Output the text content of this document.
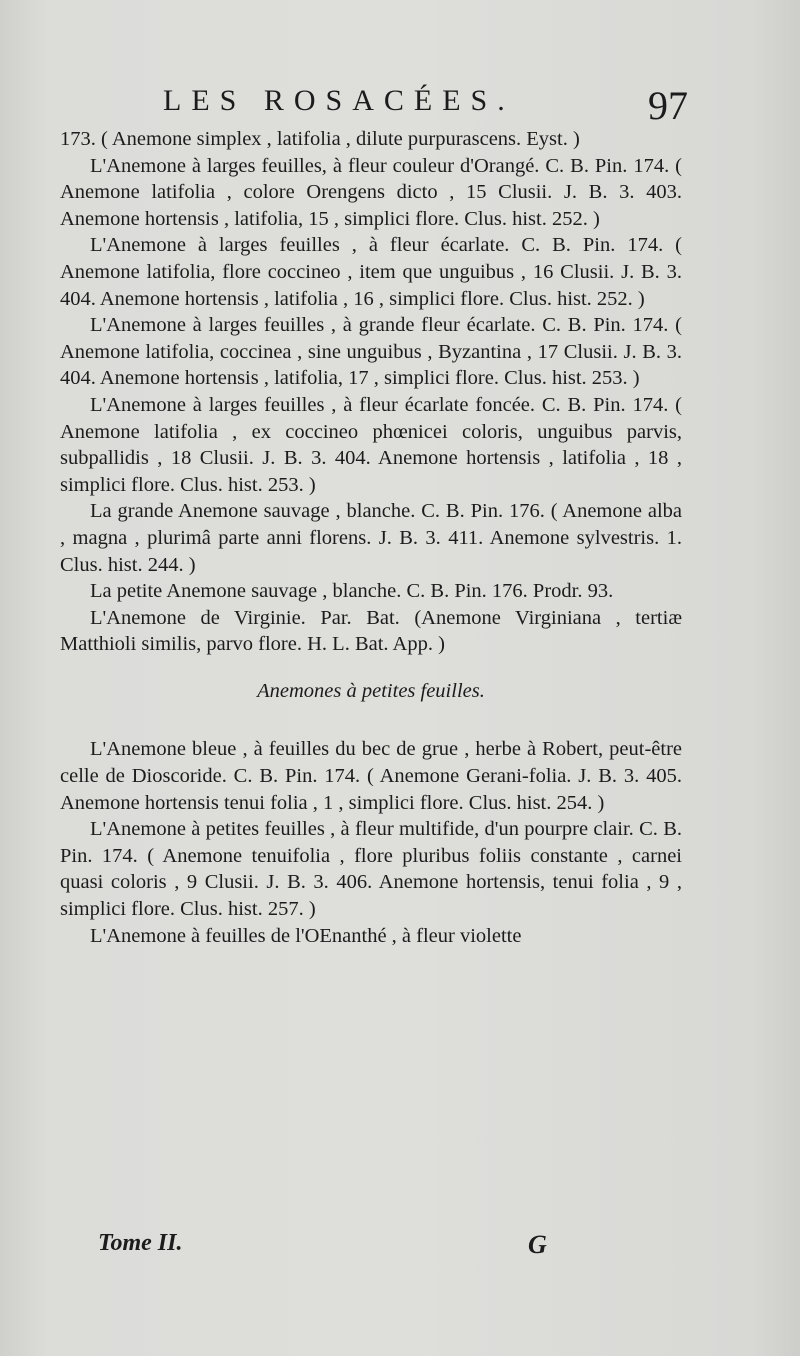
LES ROSACÉES.	97

173. ( Anemone simplex , latifolia , dilute purpurascens. Eyst. )

L'Anemone à larges feuilles, à fleur couleur d'Orangé. C. B. Pin. 174. ( Anemone latifolia , colore Orengens dicto , 15 Clusii. J. B. 3. 403. Anemone hortensis , latifolia, 15 , simplici flore. Clus. hist. 252. )

L'Anemone à larges feuilles , à fleur écarlate. C. B. Pin. 174. ( Anemone latifolia, flore coccineo , item que unguibus , 16 Clusii. J. B. 3. 404. Anemone hortensis , latifolia , 16 , simplici flore. Clus. hist. 252. )

L'Anemone à larges feuilles , à grande fleur écarlate. C. B. Pin. 174. ( Anemone latifolia, coccinea , sine unguibus , Byzantina , 17 Clusii. J. B. 3. 404. Anemone hortensis , latifolia, 17 , simplici flore. Clus. hist. 253. )

L'Anemone à larges feuilles , à fleur écarlate foncée. C. B. Pin. 174. ( Anemone latifolia , ex coccineo phœnicei coloris, unguibus parvis, subpallidis , 18 Clusii. J. B. 3. 404. Anemone hortensis , latifolia , 18 , simplici flore. Clus. hist. 253. )

La grande Anemone sauvage , blanche. C. B. Pin. 176. ( Anemone alba , magna , plurimâ parte anni florens. J. B. 3. 411. Anemone sylvestris. 1. Clus. hist. 244. )

La petite Anemone sauvage , blanche. C. B. Pin. 176. Prodr. 93.

L'Anemone de Virginie. Par. Bat. (Anemone Virginiana , tertiæ Matthioli similis, parvo flore. H. L. Bat. App. )

Anemones à petites feuilles.

L'Anemone bleue , à feuilles du bec de grue , herbe à Robert, peut-être celle de Dioscoride. C. B. Pin. 174. ( Anemone Gerani-folia. J. B. 3. 405. Anemone hortensis tenui folia , 1 , simplici flore. Clus. hist. 254. )

L'Anemone à petites feuilles , à fleur multifide, d'un pourpre clair. C. B. Pin. 174. ( Anemone tenuifolia , flore pluribus foliis constante , carnei quasi coloris , 9 Clusii. J. B. 3. 406. Anemone hortensis, tenui folia , 9 , simplici flore. Clus. hist. 257. )

L'Anemone à feuilles de l'OEnanthé , à fleur violette

Tome II.	G
